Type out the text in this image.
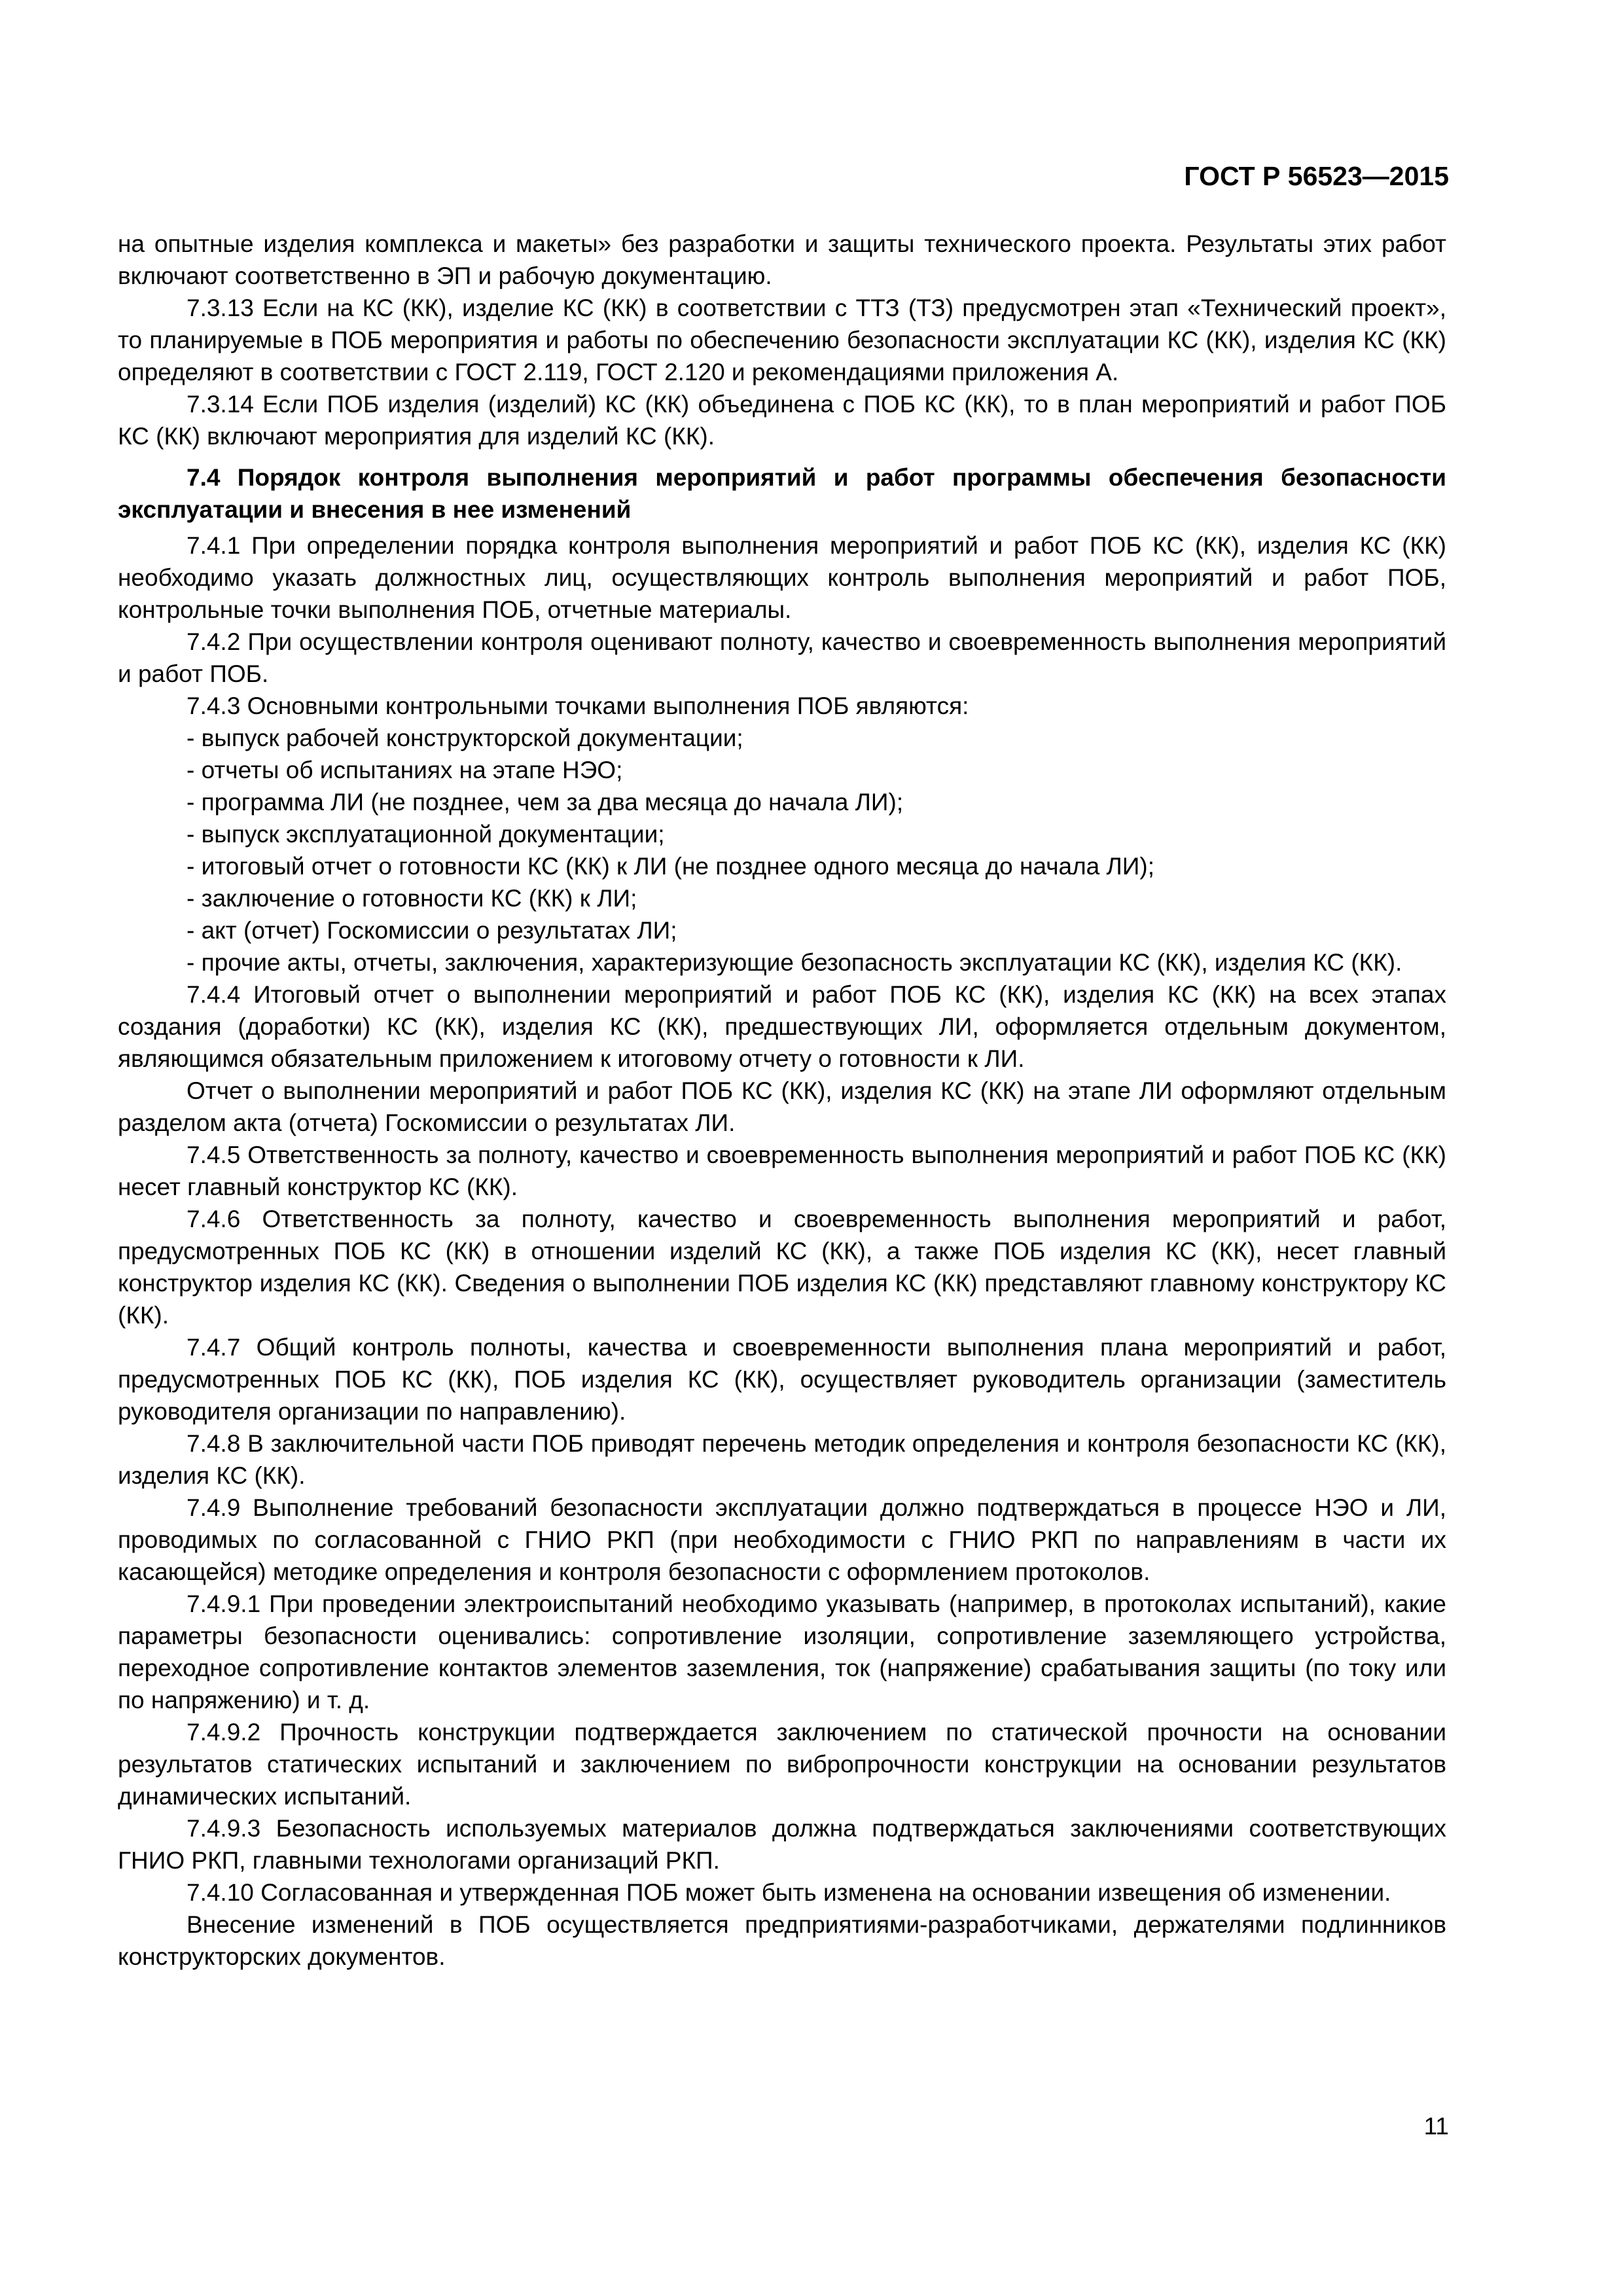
ГОСТ Р 56523—2015

на опытные изделия комплекса и макеты» без разработки и защиты технического проекта. Результаты этих работ включают соответственно в ЭП и рабочую документацию.

7.3.13 Если на КС (КК), изделие КС (КК) в соответствии с ТТЗ (ТЗ) предусмотрен этап «Технический проект», то планируемые в ПОБ мероприятия и работы по обеспечению безопасности эксплуатации КС (КК), изделия КС (КК) определяют в соответствии с ГОСТ 2.119, ГОСТ 2.120 и рекомендациями приложения А.

7.3.14 Если ПОБ изделия (изделий) КС (КК) объединена с ПОБ КС (КК), то в план мероприятий и работ ПОБ КС (КК) включают мероприятия для изделий КС (КК).

7.4 Порядок контроля выполнения мероприятий и работ программы обеспечения безопасности эксплуатации и внесения в нее изменений

7.4.1 При определении порядка контроля выполнения мероприятий и работ ПОБ КС (КК), изделия КС (КК) необходимо указать должностных лиц, осуществляющих контроль выполнения мероприятий и работ ПОБ, контрольные точки выполнения ПОБ, отчетные материалы.

7.4.2 При осуществлении контроля оценивают полноту, качество и своевременность выполнения мероприятий и работ ПОБ.

7.4.3 Основными контрольными точками выполнения ПОБ являются:

- выпуск рабочей конструкторской документации;

- отчеты об испытаниях на этапе НЭО;

- программа ЛИ (не позднее, чем за два месяца до начала ЛИ);

- выпуск эксплуатационной документации;

- итоговый отчет о готовности КС (КК) к ЛИ (не позднее одного месяца до начала ЛИ);

- заключение о готовности КС (КК) к ЛИ;

- акт (отчет) Госкомиссии о результатах ЛИ;

- прочие акты, отчеты, заключения, характеризующие безопасность эксплуатации КС (КК), изделия КС (КК).

7.4.4 Итоговый отчет о выполнении мероприятий и работ ПОБ КС (КК), изделия КС (КК) на всех этапах создания (доработки) КС (КК), изделия КС (КК), предшествующих ЛИ, оформляется отдельным документом, являющимся обязательным приложением к итоговому отчету о готовности к ЛИ.

Отчет о выполнении мероприятий и работ ПОБ КС (КК), изделия КС (КК) на этапе ЛИ оформляют отдельным разделом акта (отчета) Госкомиссии о результатах ЛИ.

7.4.5 Ответственность за полноту, качество и своевременность выполнения мероприятий и работ ПОБ КС (КК) несет главный конструктор КС (КК).

7.4.6 Ответственность за полноту, качество и своевременность выполнения мероприятий и работ, предусмотренных ПОБ КС (КК) в отношении изделий КС (КК), а также ПОБ изделия КС (КК), несет главный конструктор изделия КС (КК). Сведения о выполнении ПОБ изделия КС (КК) представляют главному конструктору КС (КК).

7.4.7 Общий контроль полноты, качества и своевременности выполнения плана мероприятий и работ, предусмотренных ПОБ КС (КК), ПОБ изделия КС (КК), осуществляет руководитель организации (заместитель руководителя организации по направлению).

7.4.8 В заключительной части ПОБ приводят перечень методик определения и контроля безопасности КС (КК), изделия КС (КК).

7.4.9 Выполнение требований безопасности эксплуатации должно подтверждаться в процессе НЭО и ЛИ, проводимых по согласованной с ГНИО РКП (при необходимости с ГНИО РКП по направлениям в части их касающейся) методике определения и контроля безопасности с оформлением протоколов.

7.4.9.1 При проведении электроиспытаний необходимо указывать (например, в протоколах испытаний), какие параметры безопасности оценивались: сопротивление изоляции, сопротивление заземляющего устройства, переходное сопротивление контактов элементов заземления, ток (напряжение) срабатывания защиты (по току или по напряжению) и т. д.

7.4.9.2 Прочность конструкции подтверждается заключением по статической прочности на основании результатов статических испытаний и заключением по вибропрочности конструкции на основании результатов динамических испытаний.

7.4.9.3 Безопасность используемых материалов должна подтверждаться заключениями соответствующих ГНИО РКП, главными технологами организаций РКП.

7.4.10 Согласованная и утвержденная ПОБ может быть изменена на основании извещения об изменении.

Внесение изменений в ПОБ осуществляется предприятиями-разработчиками, держателями подлинников конструкторских документов.

11
